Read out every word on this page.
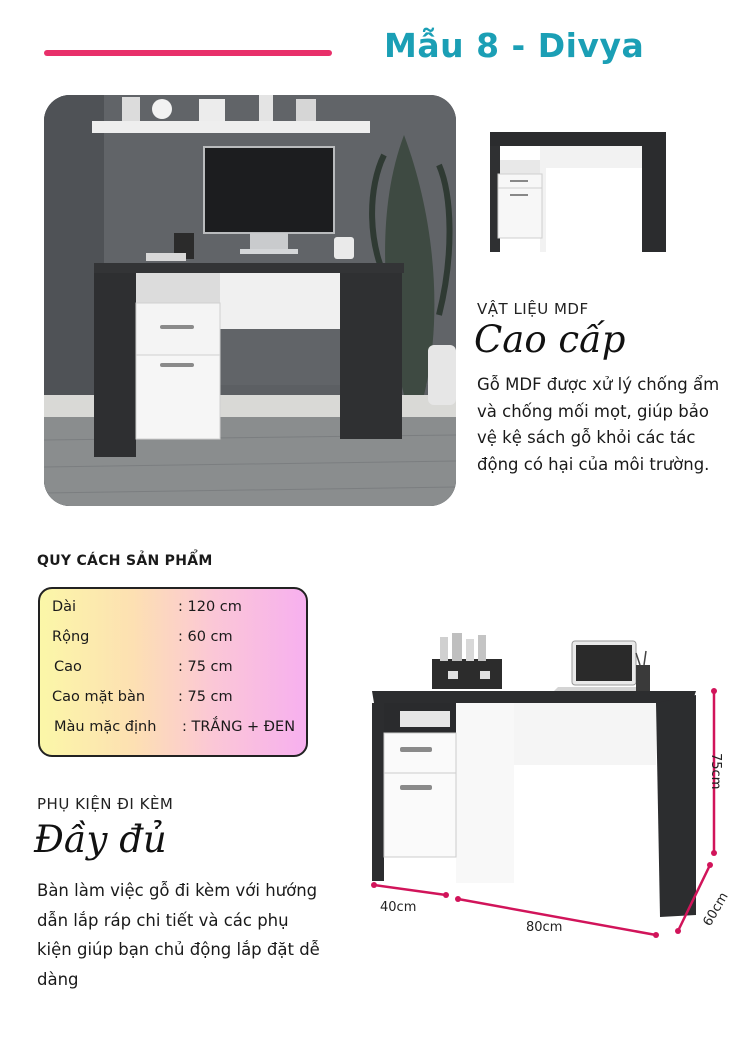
Mẫu 8 - Divya
VẬT LIỆU MDF
Cao cấp
Gỗ MDF được xử lý chống ẩm và chống mối mọt, giúp bảo vệ kệ sách gỗ khỏi các tác động có hại của môi trường.
QUY CÁCH SẢN PHẨM
Dài	: 120 cm
Rộng	: 60 cm
Cao	: 75 cm
Cao mặt bàn : 75 cm
Màu mặc định : TRẮNG + ĐEN
PHỤ KIỆN ĐI KÈM
Đầy đủ
Bàn làm việc gỗ đi kèm với hướng dẫn lắp ráp chi tiết và các phụ kiện giúp bạn chủ động lắp đặt dễ dàng
75cm
60cm
40cm
80cm
